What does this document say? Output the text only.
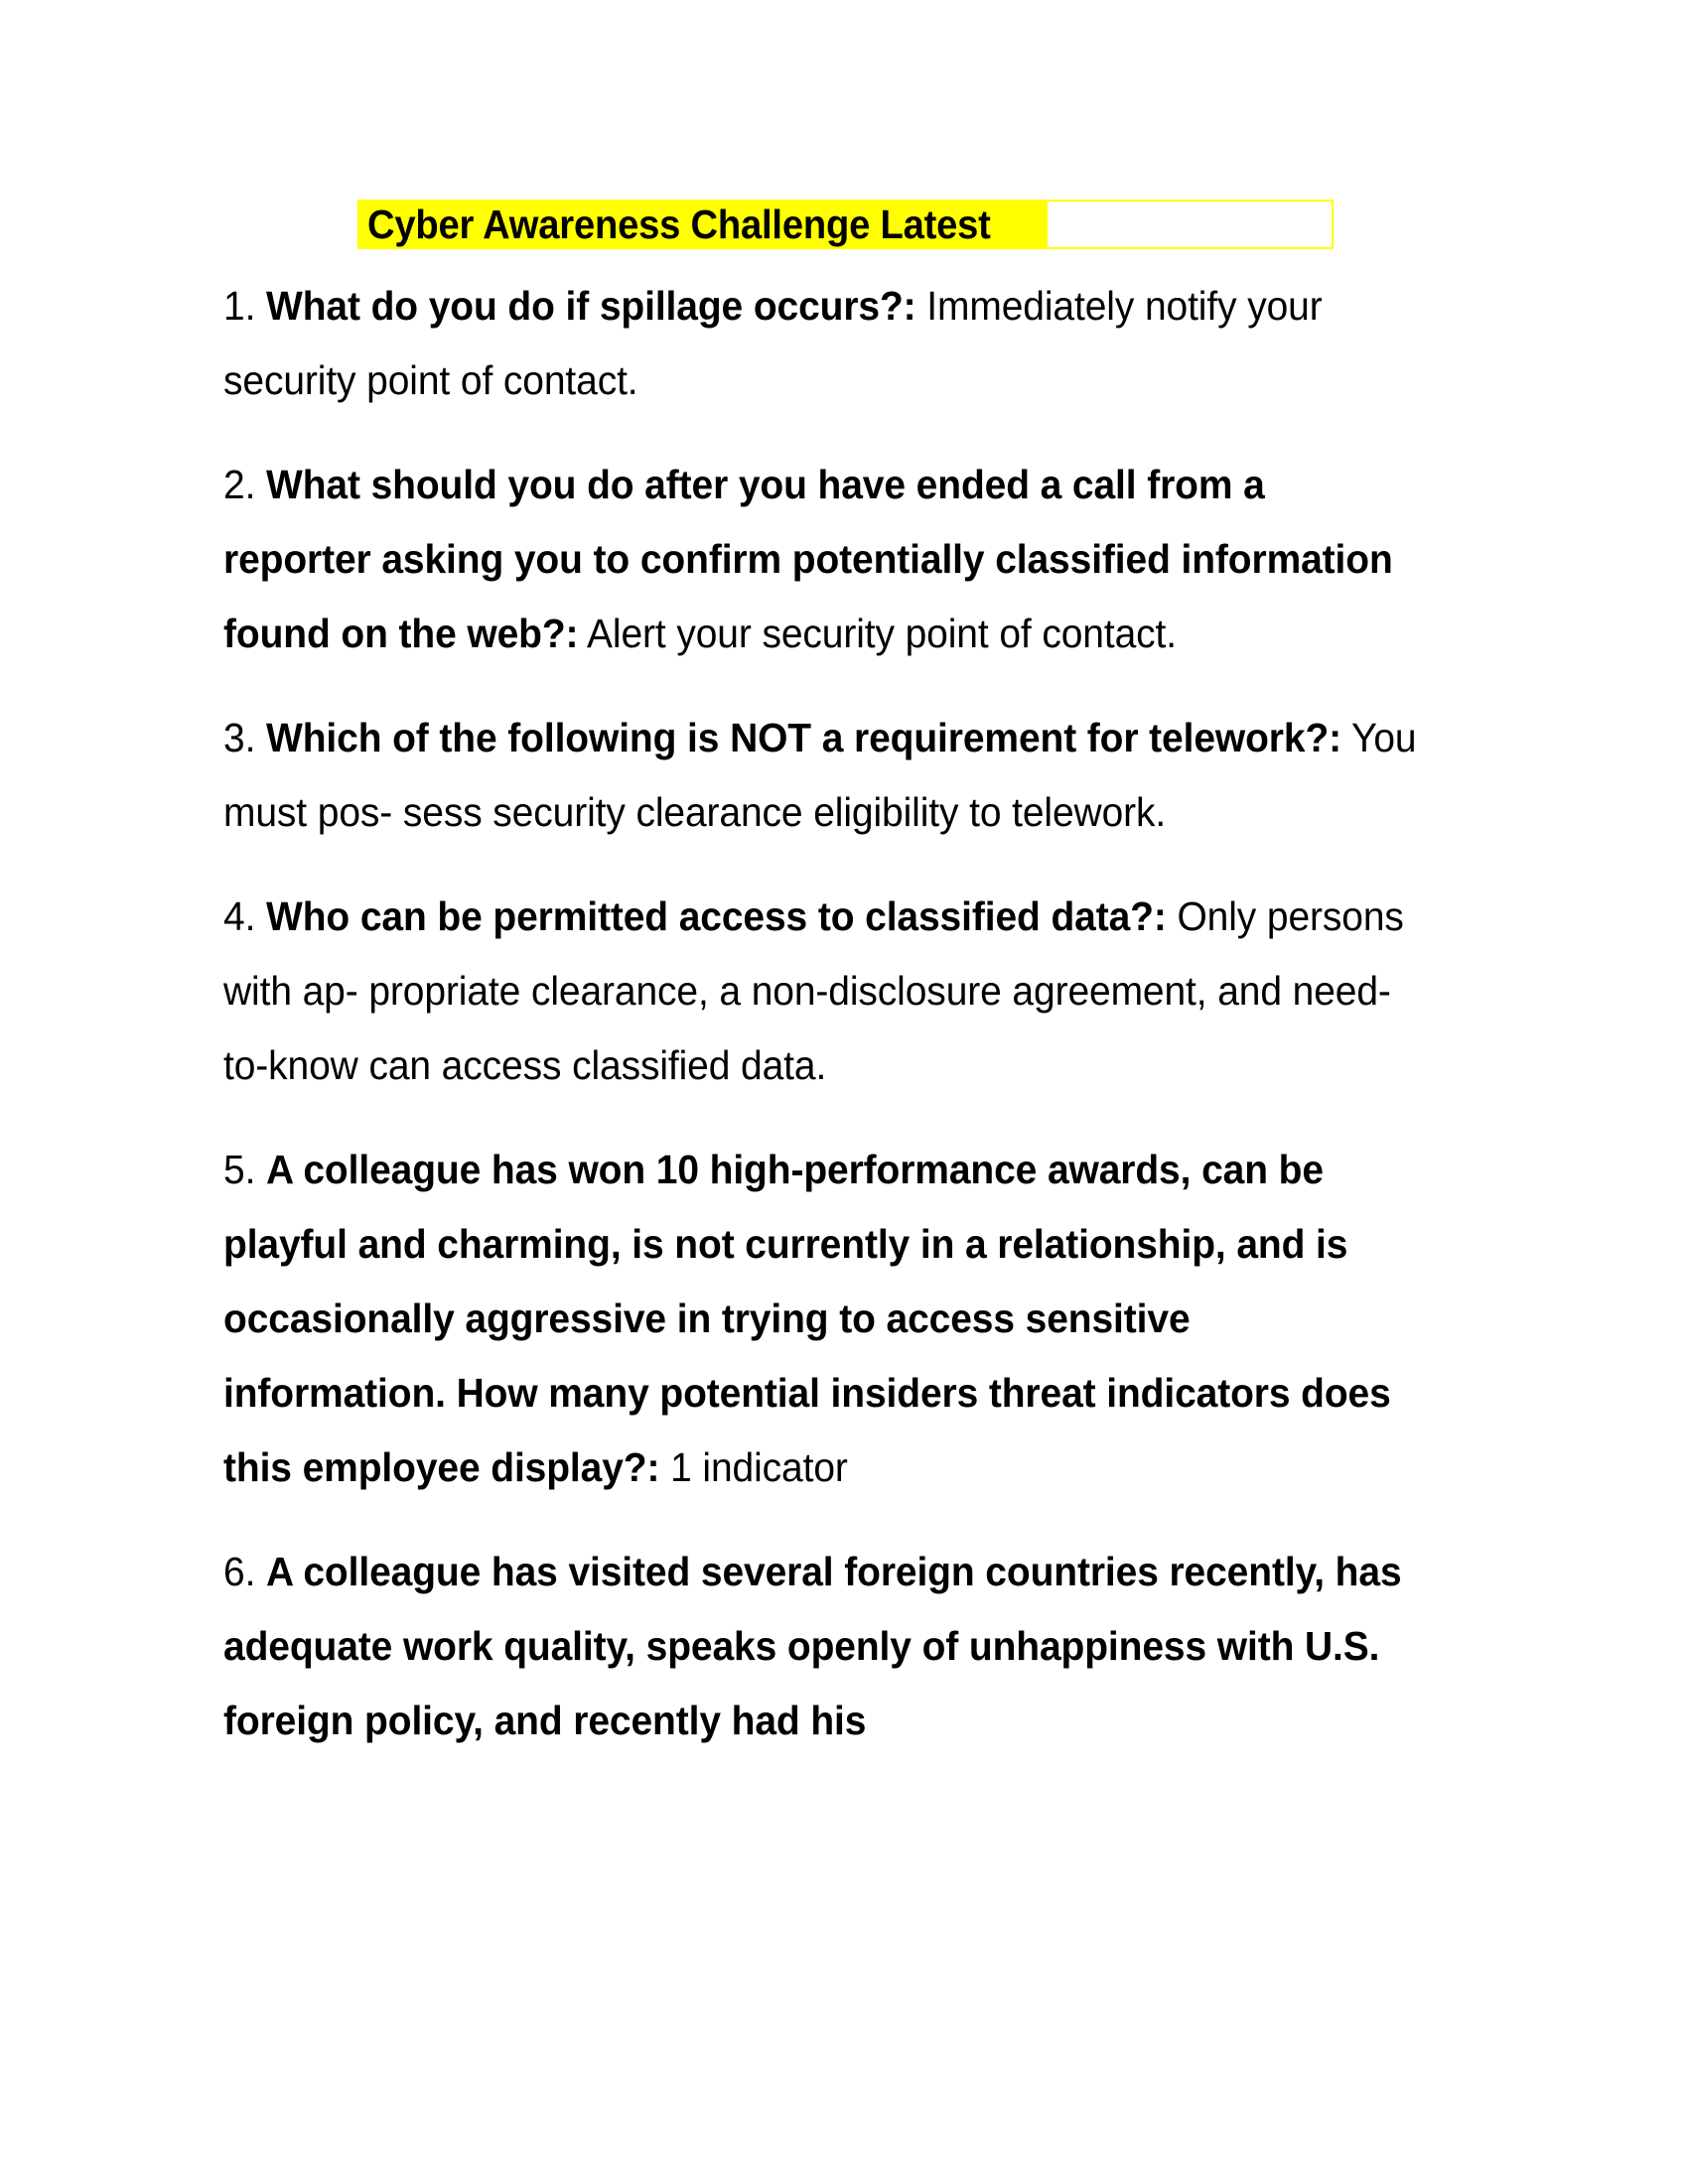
Cyber Awareness Challenge Latest

1. What do you do if spillage occurs?: Immediately notify your security point of contact.

2. What should you do after you have ended a call from a reporter asking you to confirm potentially classified information found on the web?: Alert your security point of contact.

3. Which of the following is NOT a requirement for telework?: You must pos- sess security clearance eligibility to telework.

4. Who can be permitted access to classified data?: Only persons with ap- propriate clearance, a non-disclosure agreement, and need-to-know can access classified data.

5. A colleague has won 10 high-performance awards, can be playful and charming, is not currently in a relationship, and is occasionally aggressive in trying to access sensitive information. How many potential insiders threat indicators does this employee display?: 1 indicator

6. A colleague has visited several foreign countries recently, has adequate work quality, speaks openly of unhappiness with U.S. foreign policy, and recently had his
